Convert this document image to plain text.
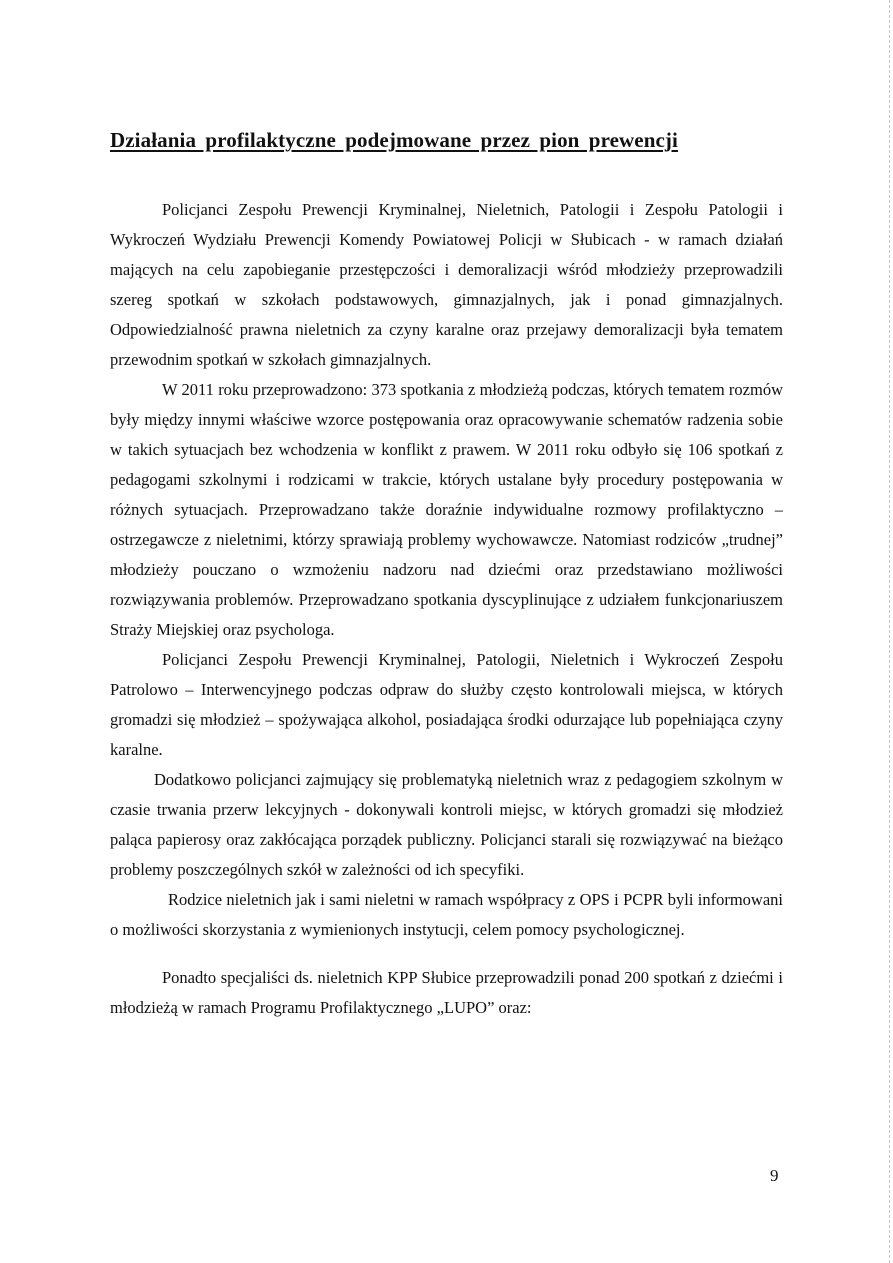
Działania profilaktyczne podejmowane przez pion prewencji

Policjanci Zespołu Prewencji Kryminalnej, Nieletnich, Patologii i Zespołu Patologii i Wykroczeń Wydziału Prewencji Komendy Powiatowej Policji w Słubicach - w ramach działań mających na celu zapobieganie przestępczości i demoralizacji wśród młodzieży przeprowadzili szereg spotkań w szkołach podstawowych, gimnazjalnych, jak i ponad gimnazjalnych. Odpowiedzialność prawna nieletnich za czyny karalne oraz przejawy demoralizacji była tematem przewodnim spotkań w szkołach gimnazjalnych.

W 2011 roku przeprowadzono: 373 spotkania z młodzieżą podczas, których tematem rozmów były między innymi właściwe wzorce postępowania oraz opracowywanie schematów radzenia sobie w takich sytuacjach bez wchodzenia w konflikt z prawem. W 2011 roku odbyło się 106 spotkań z pedagogami szkolnymi i rodzicami w trakcie, których ustalane były procedury postępowania w różnych sytuacjach. Przeprowadzano także doraźnie indywidualne rozmowy profilaktyczno – ostrzegawcze z nieletnimi, którzy sprawiają problemy wychowawcze. Natomiast rodziców „trudnej” młodzieży pouczano o wzmożeniu nadzoru nad dziećmi oraz przedstawiano możliwości rozwiązywania problemów. Przeprowadzano spotkania dyscyplinujące z udziałem funkcjonariuszem Straży Miejskiej oraz psychologa.

Policjanci Zespołu Prewencji Kryminalnej, Patologii, Nieletnich i Wykroczeń Zespołu Patrolowo – Interwencyjnego podczas odpraw do służby często kontrolowali miejsca, w których gromadzi się młodzież – spożywająca alkohol, posiadająca środki odurzające lub popełniająca czyny karalne.

Dodatkowo policjanci zajmujący się problematyką nieletnich wraz z pedagogiem szkolnym w czasie trwania przerw lekcyjnych - dokonywali kontroli miejsc, w których gromadzi się młodzież paląca papierosy oraz zakłócająca porządek publiczny. Policjanci starali się rozwiązywać na bieżąco problemy poszczególnych szkół w zależności od ich specyfiki.

Rodzice nieletnich jak i sami nieletni w ramach współpracy z OPS i PCPR byli informowani o możliwości skorzystania z wymienionych instytucji, celem pomocy psychologicznej.

Ponadto specjaliści ds. nieletnich KPP Słubice przeprowadzili ponad 200 spotkań z dziećmi i młodzieżą w ramach Programu Profilaktycznego „LUPO” oraz:

9
